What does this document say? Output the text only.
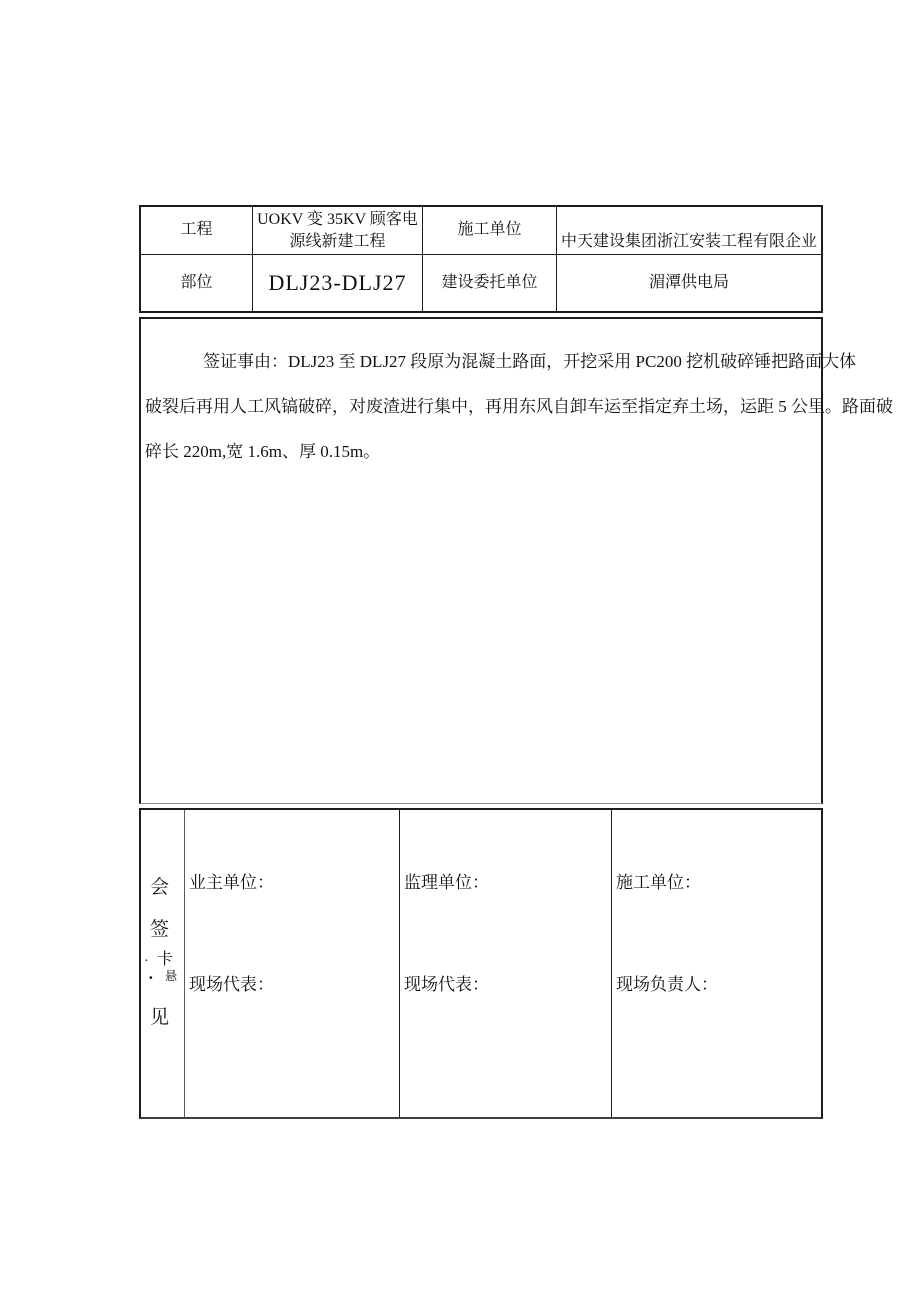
工程
UOKV 变 35KV 顾客电
源线新建工程
施工单位
中天建设集团浙江安装工程有限企业
部位	DLJ23-DLJ27 建设委托单位	湄潭供电局
签证事由：DLJ23 至 DLJ27 段原为混凝土路面，开挖采用 PC200 挖机破碎锤把路面大体
破裂后再用人工风镐破碎，对废渣进行集中，再用东风自卸车运至指定弃土场，运距 5 公里。路面破
碎长 220m,宽 1.6m、厚 0.15m。
会
签
· 卡
· 悬
见
业主单位：
现场代表：
监理单位：
现场代表：
施工单位：
现场负责人：
